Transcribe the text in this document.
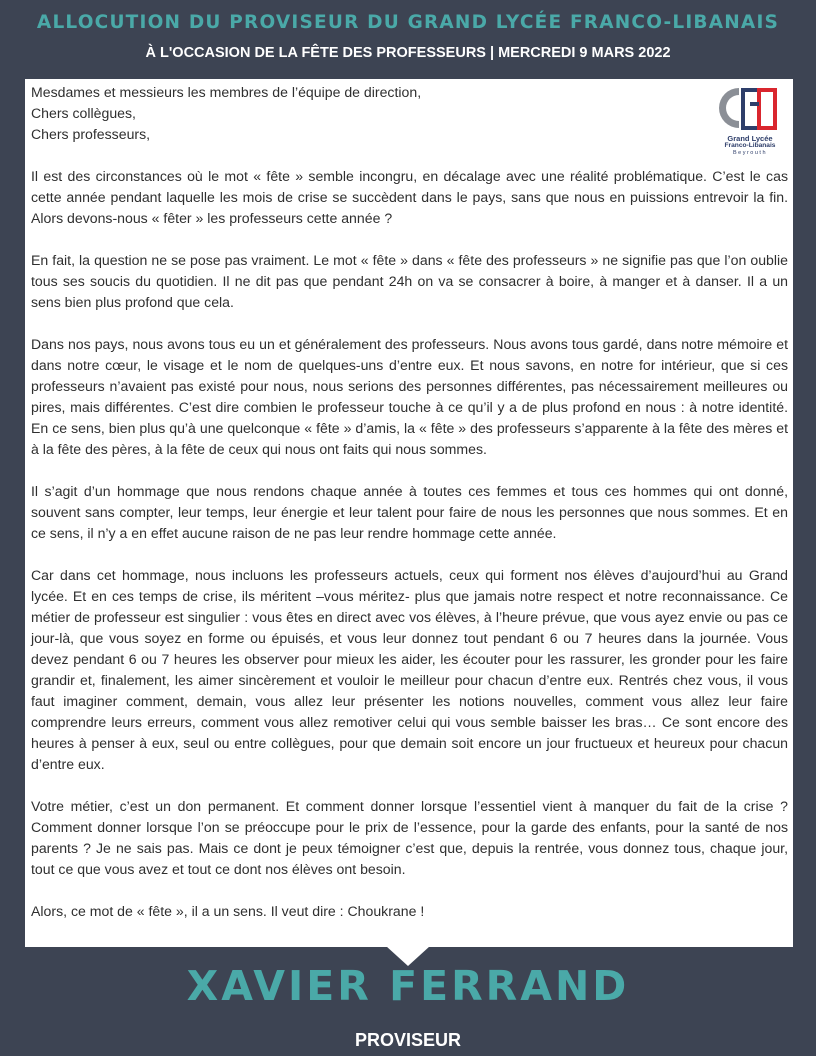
ALLOCUTION DU PROVISEUR DU GRAND LYCÉE FRANCO-LIBANAIS
À L'OCCASION DE LA FÊTE DES PROFESSEURS | MERCREDI 9 MARS 2022
Grand Lycée
Franco-Libanais
Beyrouth

Mesdames et messieurs les membres de l’équipe de direction,

Chers collègues,

Chers professeurs,

Il est des circonstances où le mot « fête » semble incongru, en décalage avec une réalité problématique. C’est le cas cette année pendant laquelle les mois de crise se succèdent dans le pays, sans que nous en puissions entrevoir la fin. Alors devons-nous « fêter » les professeurs cette année ?

En fait, la question ne se pose pas vraiment. Le mot « fête » dans « fête des professeurs » ne signifie pas que l’on oublie tous ses soucis du quotidien. Il ne dit pas que pendant 24h on va se consacrer à boire, à manger et à danser. Il a un sens bien plus profond que cela.

Dans nos pays, nous avons tous eu un et généralement des professeurs. Nous avons tous gardé, dans notre mémoire et dans notre cœur, le visage et le nom de quelques-uns d’entre eux. Et nous savons, en notre for intérieur, que si ces professeurs n’avaient pas existé pour nous, nous serions des personnes différentes, pas nécessairement meilleures ou pires, mais différentes. C’est dire combien le professeur touche à ce qu’il y a de plus profond en nous : à notre identité. En ce sens, bien plus qu’à une quelconque « fête » d’amis, la « fête » des professeurs s’apparente à la fête des mères et à la fête des pères, à la fête de ceux qui nous ont faits qui nous sommes.

Il s’agit d’un hommage que nous rendons chaque année à toutes ces femmes et tous ces hommes qui ont donné, souvent sans compter, leur temps, leur énergie et leur talent pour faire de nous les personnes que nous sommes. Et en ce sens, il n’y a en effet aucune raison de ne pas leur rendre hommage cette année.

Car dans cet hommage, nous incluons les professeurs actuels, ceux qui forment nos élèves d’aujourd’hui au Grand lycée. Et en ces temps de crise, ils méritent –vous méritez- plus que jamais notre respect et notre reconnaissance. Ce métier de professeur est singulier : vous êtes en direct avec vos élèves, à l’heure prévue, que vous ayez envie ou pas ce jour-là, que vous soyez en forme ou épuisés, et vous leur donnez tout pendant 6 ou 7 heures dans la journée. Vous devez pendant 6 ou 7 heures les observer pour mieux les aider, les écouter pour les rassurer, les gronder pour les faire grandir et, finalement, les aimer sincèrement et vouloir le meilleur pour chacun d’entre eux. Rentrés chez vous, il vous faut imaginer comment, demain, vous allez leur présenter les notions nouvelles, comment vous allez leur faire comprendre leurs erreurs, comment vous allez remotiver celui qui vous semble baisser les bras… Ce sont encore des heures à penser à eux, seul ou entre collègues, pour que demain soit encore un jour fructueux et heureux pour chacun d’entre eux.

Votre métier, c’est un don permanent. Et comment donner lorsque l’essentiel vient à manquer du fait de la crise ? Comment donner lorsque l’on se préoccupe pour le prix de l’essence, pour la garde des enfants, pour la santé de nos parents ? Je ne sais pas. Mais ce dont je peux témoigner c’est que, depuis la rentrée, vous donnez tous, chaque jour, tout ce que vous avez et tout ce dont nos élèves ont besoin.

Alors, ce mot de « fête », il a un sens. Il veut dire : Choukrane !

XAVIER FERRAND
PROVISEUR
